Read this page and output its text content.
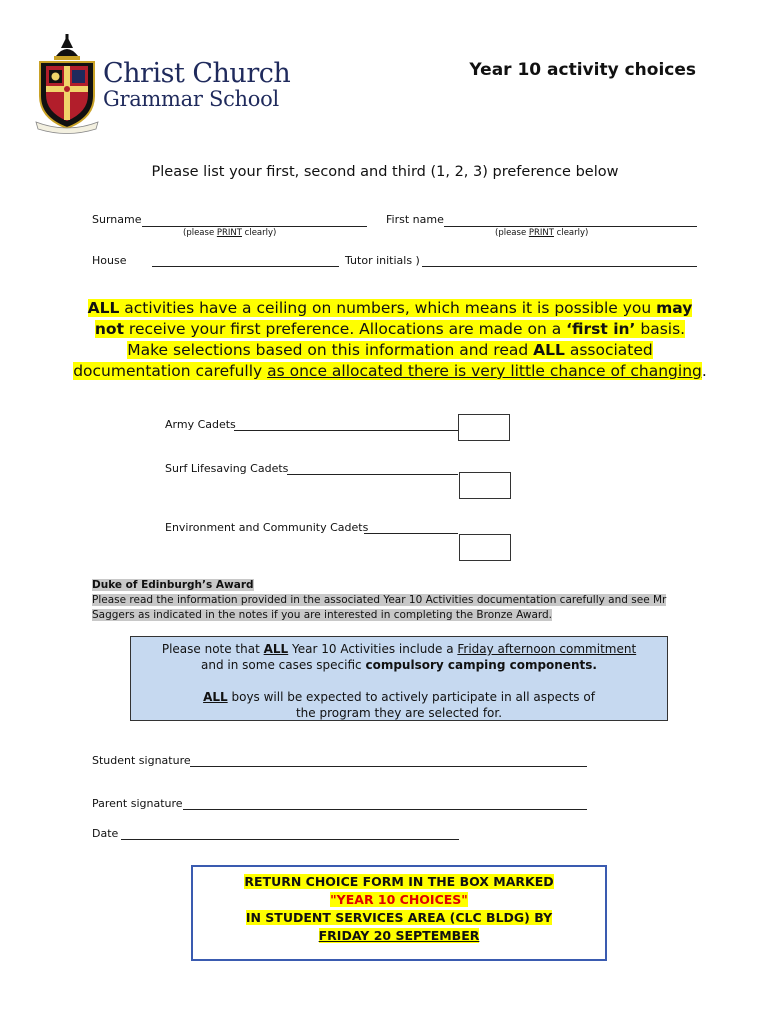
Christ Church
Grammar School
Year 10 activity choices
Please list your first, second and third (1, 2, 3) preference below
Surname
(please PRINT clearly)
First name
(please PRINT clearly)
House	Tutor initials )
ALL activities have a ceiling on numbers, which means it is possible you may
not receive your first preference. Allocations are made on a ‘first in’ basis.
Make selections based on this information and read ALL associated
documentation carefully as once allocated there is very little chance of changing.
Army Cadets
Surf Lifesaving Cadets
Environment and Community Cadets
Duke of Edinburgh’s Award
Please read the information provided in the associated Year 10 Activities documentation carefully and see Mr
Saggers as indicated in the notes if you are interested in completing the Bronze Award.

Please note that ALL Year 10 Activities include a Friday afternoon commitment

and in some cases specific compulsory camping components.

ALL boys will be expected to actively participate in all aspects of

the program they are selected for.

Student signature
Parent signature
Date
RETURN CHOICE FORM IN THE BOX MARKED
"YEAR 10 CHOICES"
IN STUDENT SERVICES AREA (CLC BLDG) BY
FRIDAY 20 SEPTEMBER
